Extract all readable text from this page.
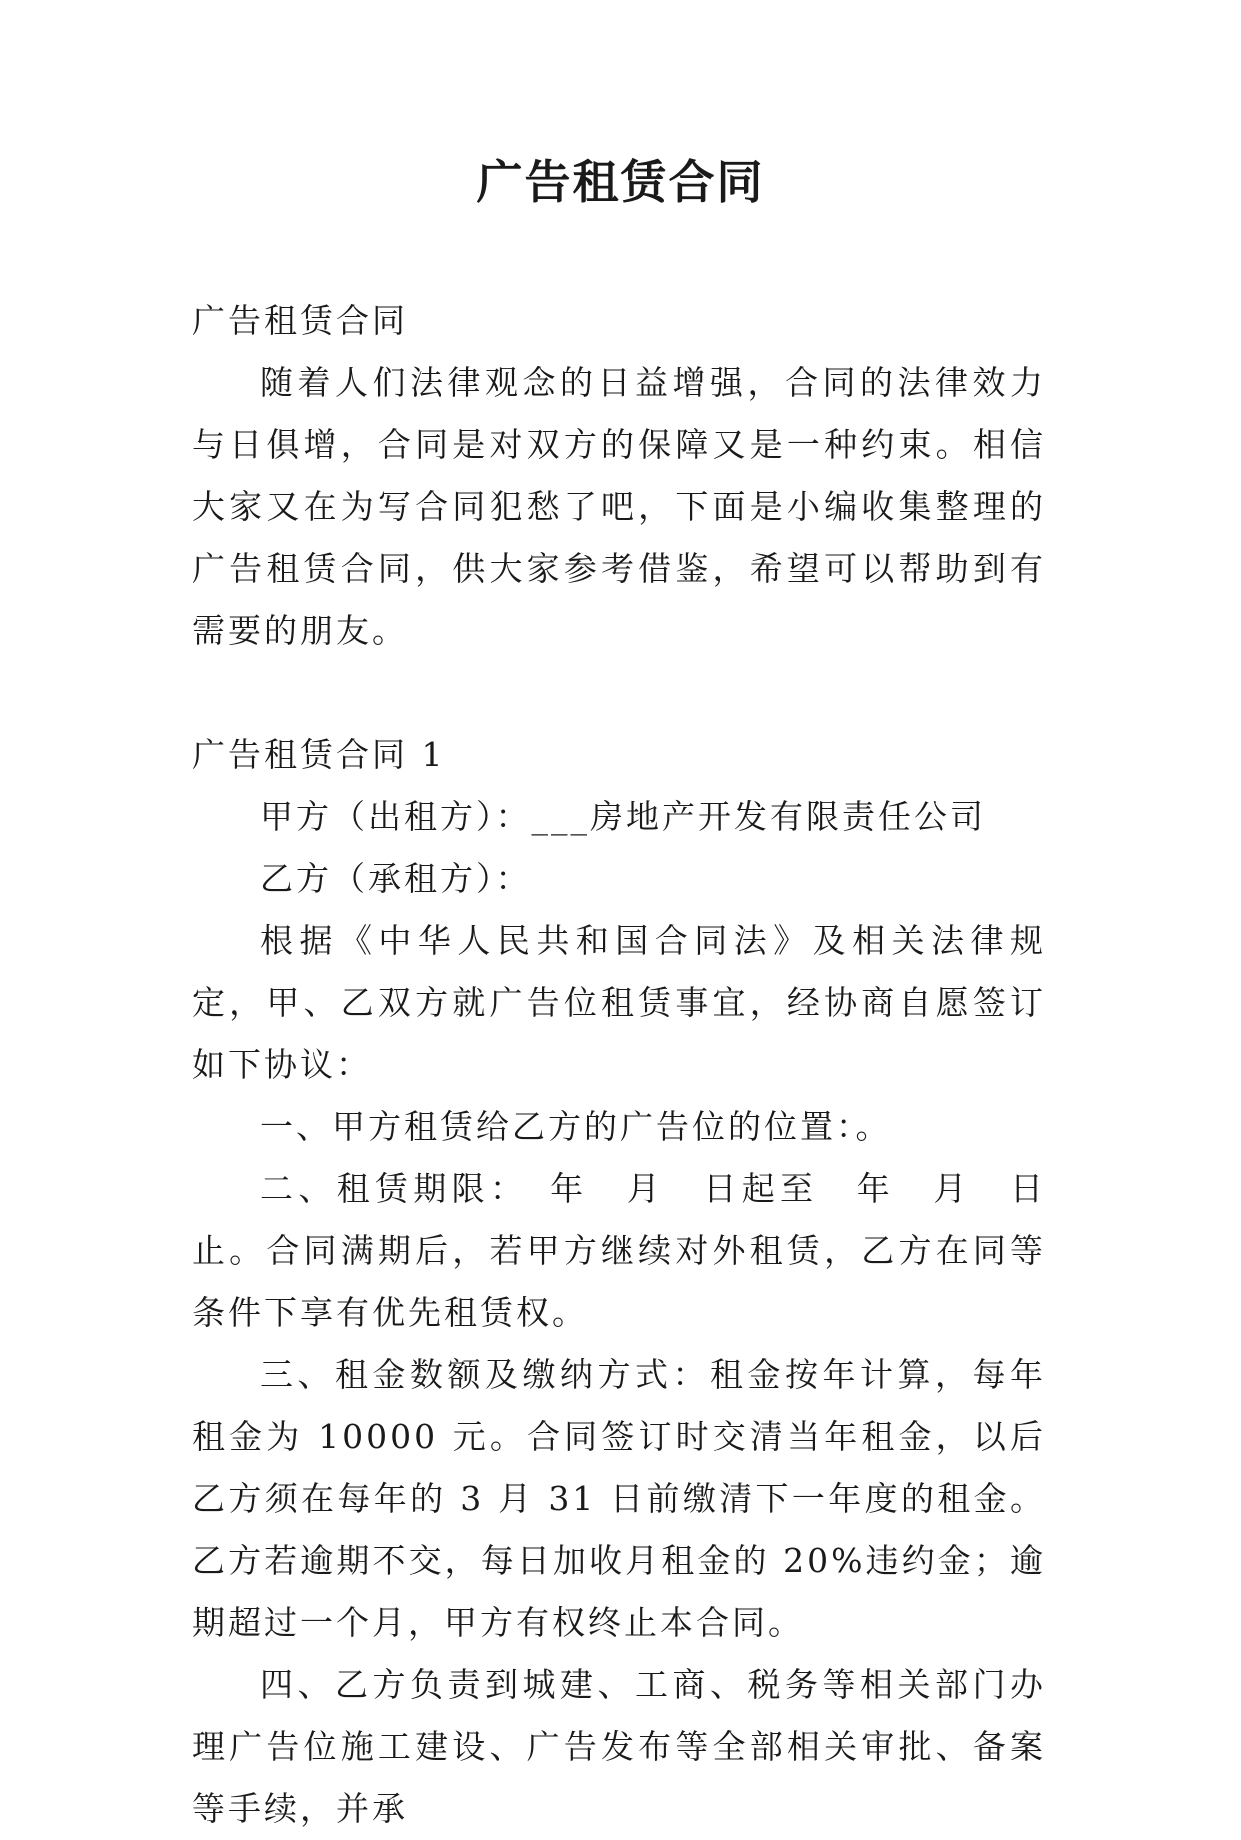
广告租赁合同

广告租赁合同

随着人们法律观念的日益增强，合同的法律效力与日俱增，合同是对双方的保障又是一种约束。相信大家又在为写合同犯愁了吧，下面是小编收集整理的广告租赁合同，供大家参考借鉴，希望可以帮助到有需要的朋友。

广告租赁合同 1

甲方（出租方）：___房地产开发有限责任公司

乙方（承租方）：

根据《中华人民共和国合同法》及相关法律规定，甲、乙双方就广告位租赁事宜，经协商自愿签订如下协议：

一、甲方租赁给乙方的广告位的位置：。

二、租赁期限：　年　月　日起至　年　月　日止。合同满期后，若甲方继续对外租赁，乙方在同等条件下享有优先租赁权。

三、租金数额及缴纳方式：租金按年计算，每年租金为 10000 元。合同签订时交清当年租金，以后乙方须在每年的 3 月 31 日前缴清下一年度的租金。乙方若逾期不交，每日加收月租金的 20%违约金；逾期超过一个月，甲方有权终止本合同。

四、乙方负责到城建、工商、税务等相关部门办理广告位施工建设、广告发布等全部相关审批、备案等手续，并承
